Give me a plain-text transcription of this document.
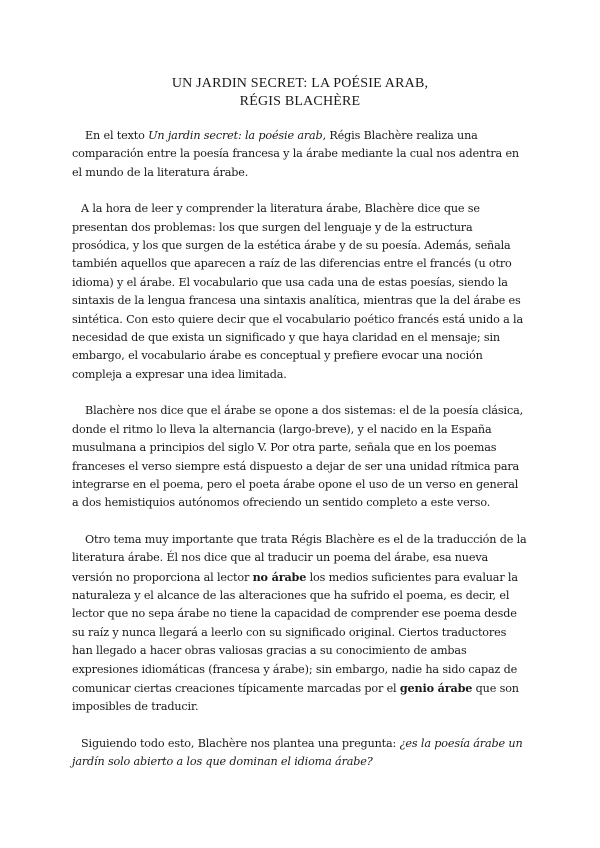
UN JARDIN SECRET: LA POÉSIE ARAB,
RÉGIS BLACHÈRE

En el texto Un jardin secret: la poésie arab, Régis Blachère realiza una comparación entre la poesía francesa y la árabe mediante la cual nos adentra en el mundo de la literatura árabe.

A la hora de leer y comprender la literatura árabe, Blachère dice que se presentan dos problemas: los que surgen del lenguaje y de la estructura prosódica, y los que surgen de la estética árabe y de su poesía. Además, señala también aquellos que aparecen a raíz de las diferencias entre el francés (u otro idioma) y el árabe. El vocabulario que usa cada una de estas poesías, siendo la sintaxis de la lengua francesa una sintaxis analítica, mientras que la del árabe es sintética. Con esto quiere decir que el vocabulario poético francés está unido a la necesidad de que exista un significado y que haya claridad en el mensaje; sin embargo, el vocabulario árabe es conceptual y prefiere evocar una noción compleja a expresar una idea limitada.

Blachère nos dice que el árabe se opone a dos sistemas: el de la poesía clásica, donde el ritmo lo lleva la alternancia (largo-breve), y el nacido en la España musulmana a principios del siglo V. Por otra parte, señala que en los poemas franceses el verso siempre está dispuesto a dejar de ser una unidad rítmica para integrarse en el poema, pero el poeta árabe opone el uso de un verso en general a dos hemistiquios autónomos ofreciendo un sentido completo a este verso.

Otro tema muy importante que trata Régis Blachère es el de la traducción de la literatura árabe. Él nos dice que al traducir un poema del árabe, esa nueva versión no proporciona al lector no árabe los medios suficientes para evaluar la naturaleza y el alcance de las alteraciones que ha sufrido el poema, es decir, el lector que no sepa árabe no tiene la capacidad de comprender ese poema desde su raíz y nunca llegará a leerlo con su significado original. Ciertos traductores han llegado a hacer obras valiosas gracias a su conocimiento de ambas expresiones idiomáticas (francesa y árabe); sin embargo, nadie ha sido capaz de comunicar ciertas creaciones típicamente marcadas por el genio árabe que son imposibles de traducir.

Siguiendo todo esto, Blachère nos plantea una pregunta: ¿es la poesía árabe un jardín solo abierto a los que dominan el idioma árabe?
